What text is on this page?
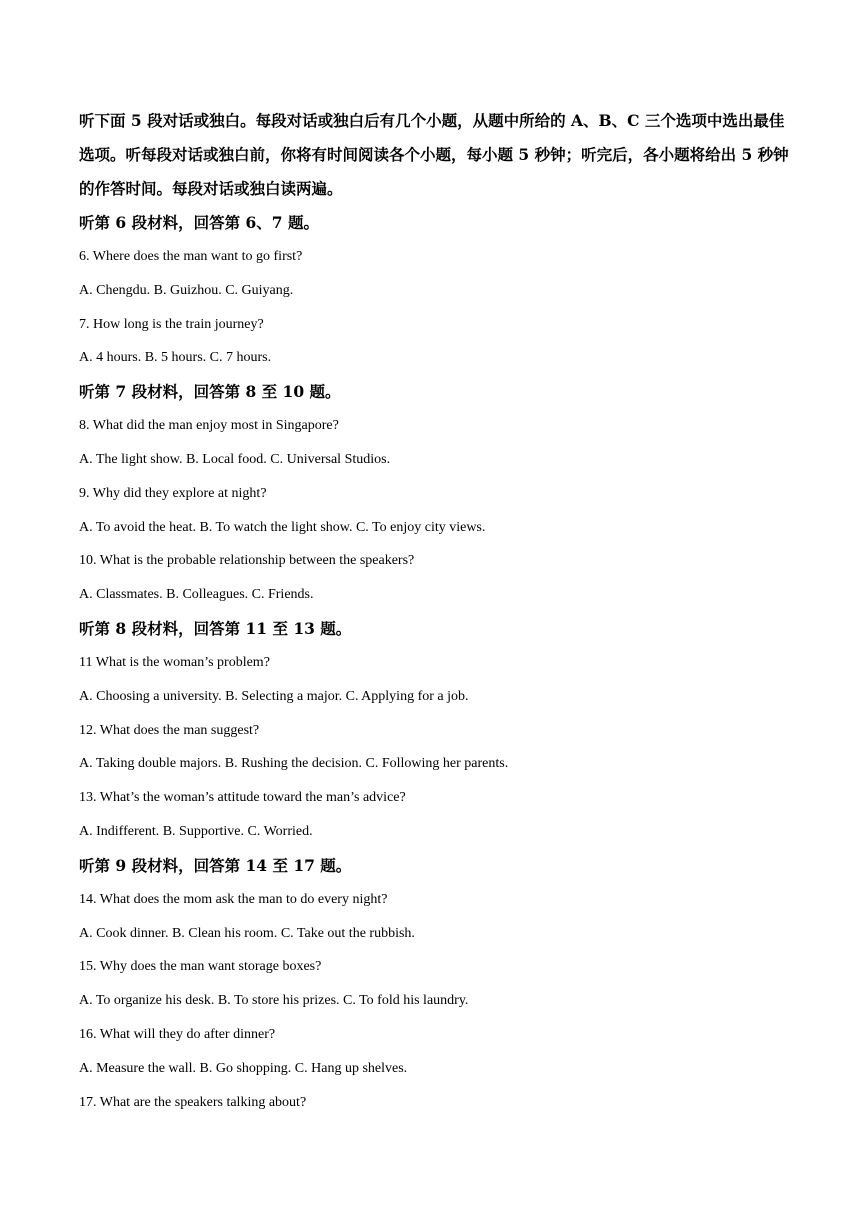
听下面 5 段对话或独白。每段对话或独白后有几个小题，从题中所给的 A、B、C 三个选项中选出最佳选项。听每段对话或独白前，你将有时间阅读各个小题，每小题 5 秒钟；听完后，各小题将给出 5 秒钟的作答时间。每段对话或独白读两遍。

听第 6 段材料，回答第 6、7 题。

6. Where does the man want to go first?

A. Chengdu. B. Guizhou. C. Guiyang.

7. How long is the train journey?

A. 4 hours. B. 5 hours. C. 7 hours.

听第 7 段材料，回答第 8 至 10 题。

8. What did the man enjoy most in Singapore?

A. The light show. B. Local food. C. Universal Studios.

9. Why did they explore at night?

A. To avoid the heat. B. To watch the light show. C. To enjoy city views.

10. What is the probable relationship between the speakers?

A. Classmates. B. Colleagues. C. Friends.

听第 8 段材料，回答第 11 至 13 题。

11 What is the woman’s problem?

A. Choosing a university. B. Selecting a major. C. Applying for a job.

12. What does the man suggest?

A. Taking double majors. B. Rushing the decision. C. Following her parents.

13. What’s the woman’s attitude toward the man’s advice?

A. Indifferent. B. Supportive. C. Worried.

听第 9 段材料，回答第 14 至 17 题。

14. What does the mom ask the man to do every night?

A. Cook dinner. B. Clean his room. C. Take out the rubbish.

15. Why does the man want storage boxes?

A. To organize his desk. B. To store his prizes. C. To fold his laundry.

16. What will they do after dinner?

A. Measure the wall. B. Go shopping. C. Hang up shelves.

17. What are the speakers talking about?
